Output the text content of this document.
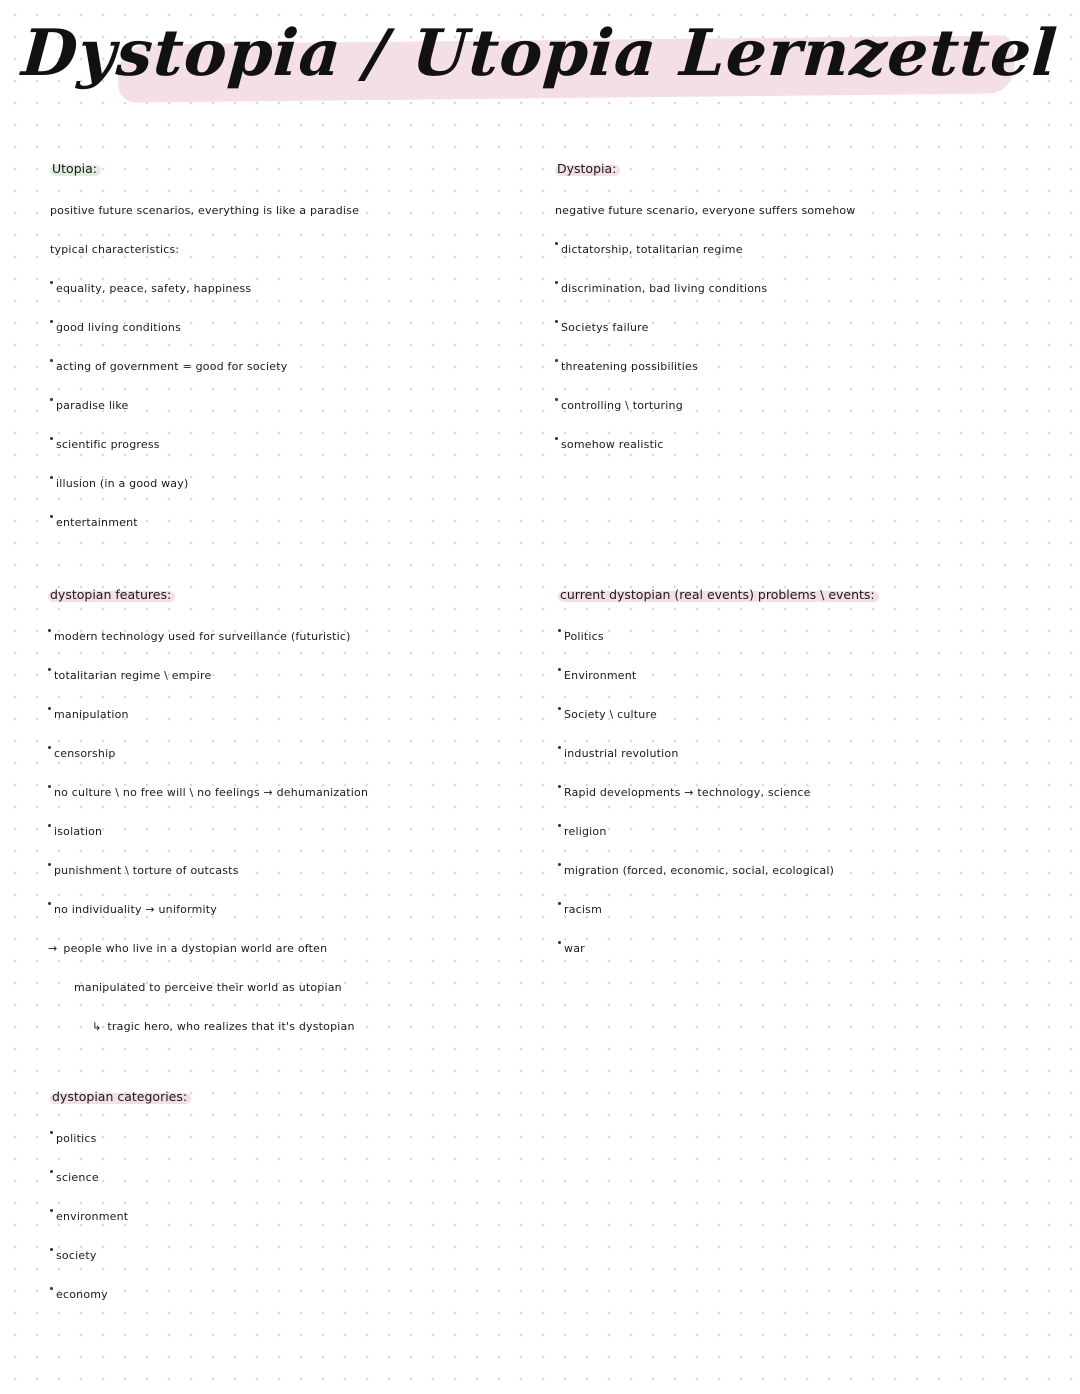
Dystopia / Utopia Lernzettel
Utopia:
positive future scenarios, everything is like a paradise
typical characteristics:
equality, peace, safety, happiness
good living conditions
acting of government = good for society
paradise like
scientific progress
illusion (in a good way)
entertainment
Dystopia:
negative future scenario, everyone suffers somehow
dictatorship, totalitarian regime
discrimination, bad living conditions
Societys failure
threatening possibilities
controlling \ torturing
somehow realistic
dystopian features:
modern technology used for surveillance (futuristic)
totalitarian regime \ empire
manipulation
censorship
no culture \ no free will \ no feelings → dehumanization
isolation
punishment \ torture of outcasts
no individuality → uniformity
→ people who live in a dystopian world are often
manipulated to perceive their world as utopian
↳ tragic hero, who realizes that it's dystopian
current dystopian (real events) problems \ events:
Politics
Environment
Society \ culture
industrial revolution
Rapid developments → technology, science
religion
migration (forced, economic, social, ecological)
racism
war
dystopian categories:
politics
science
environment
society
economy
